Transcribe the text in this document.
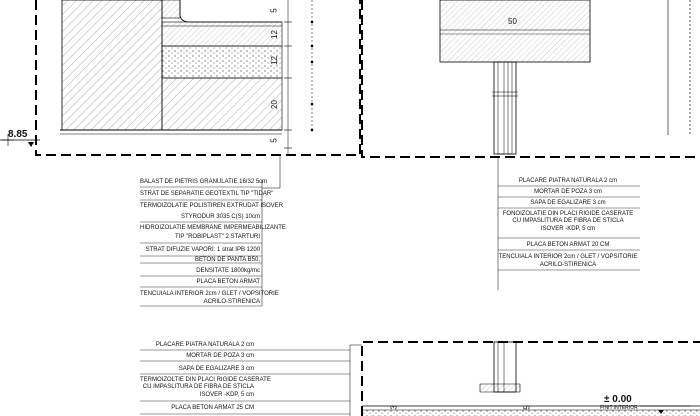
8.85
50
5
12
12
20
5
3	5
± 0.00
FINIT INTERIOR
BALAST DE PIETRIS GRANULATIE 16/32 5cm
STRAT DE SEPARATIE GEOTEXTIL TIP "TIDAR"
TERMOIZOLATIE POLISTIREN EXTRUDAT ISOVER
STYRODUR 3035 C(S) 10cm
HIDROIZOLATIE MEMBRANE IMPERMEABILIZANTE
TIP "ROBIPLAST" 2 STARTURI
STRAT DIFUZIE VAPORI: 1 strat IPB 1200
BETON DE PANTA B50,
DENSITATE 1800kg/mc
PLACA BETON ARMAT
TENCUIALA INTERIOR 2cm / GLET / VOPSITORIE
ACRILO-STIRENICA
PLACARE PIATRA NATURALA 2 cm
MORTAR DE POZA 3 cm
SAPA DE EGALIZARE 3 cm
FONOIZOLATIE DIN PLACI RIGIDE CASERATE
CU IMPASLITURA DE FIBRA DE STICLA
ISOVER -KDP, 5 cm
PLACA BETON ARMAT 20 CM
TENCUIALA INTERIOR 2cm / GLET / VOPSITORIE
ACRILO-STIRENICA
PLACARE PIATRA NATURALA 2 cm
MORTAR DE POZA 3 cm
SAPA DE EGALIZARE 3 cm
TERMOIZOLTIE DIN PLACI RIGIDE CASERATE
CU IMPASLITURA DE FIBRA DE STICLA
ISOVER -KDP, 5 cm
PLACA BETON ARMAT 25 CM
